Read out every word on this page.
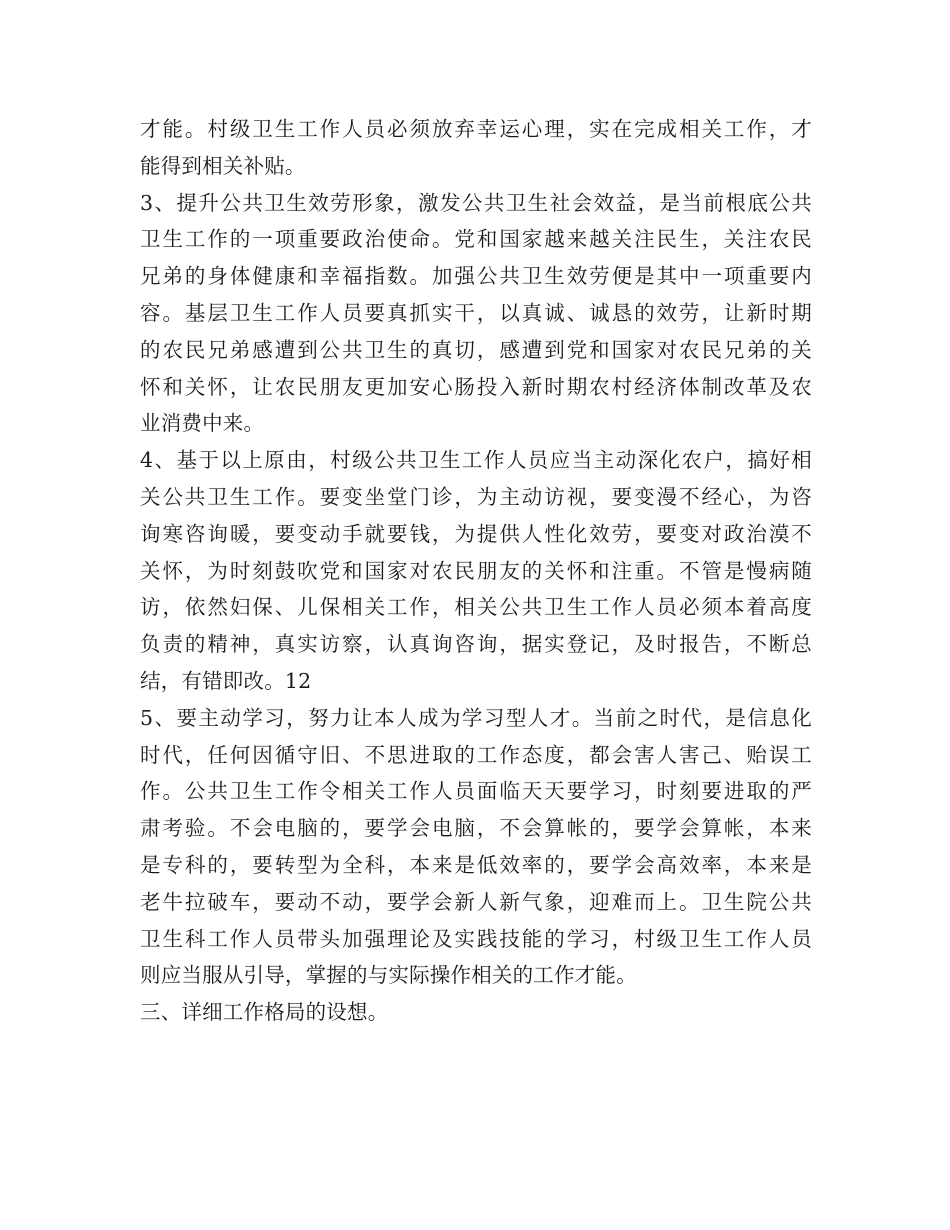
才能。村级卫生工作人员必须放弃幸运心理，实在完成相关工作，才
能得到相关补贴。
3、提升公共卫生效劳形象，激发公共卫生社会效益，是当前根底公共
卫生工作的一项重要政治使命。党和国家越来越关注民生，关注农民
兄弟的身体健康和幸福指数。加强公共卫生效劳便是其中一项重要内
容。基层卫生工作人员要真抓实干，以真诚、诚恳的效劳，让新时期
的农民兄弟感遭到公共卫生的真切，感遭到党和国家对农民兄弟的关
怀和关怀，让农民朋友更加安心肠投入新时期农村经济体制改革及农
业消费中来。
4、基于以上原由，村级公共卫生工作人员应当主动深化农户，搞好相
关公共卫生工作。要变坐堂门诊，为主动访视，要变漫不经心，为咨
询寒咨询暖，要变动手就要钱，为提供人性化效劳，要变对政治漠不
关怀，为时刻鼓吹党和国家对农民朋友的关怀和注重。不管是慢病随
访，依然妇保、儿保相关工作，相关公共卫生工作人员必须本着高度
负责的精神，真实访察，认真询咨询，据实登记，及时报告，不断总
结，有错即改。12
5、要主动学习，努力让本人成为学习型人才。当前之时代，是信息化
时代，任何因循守旧、不思进取的工作态度，都会害人害己、贻误工
作。公共卫生工作令相关工作人员面临天天要学习，时刻要进取的严
肃考验。不会电脑的，要学会电脑，不会算帐的，要学会算帐，本来
是专科的，要转型为全科，本来是低效率的，要学会高效率，本来是
老牛拉破车，要动不动，要学会新人新气象，迎难而上。卫生院公共
卫生科工作人员带头加强理论及实践技能的学习，村级卫生工作人员
则应当服从引导，掌握的与实际操作相关的工作才能。
三、详细工作格局的设想。
